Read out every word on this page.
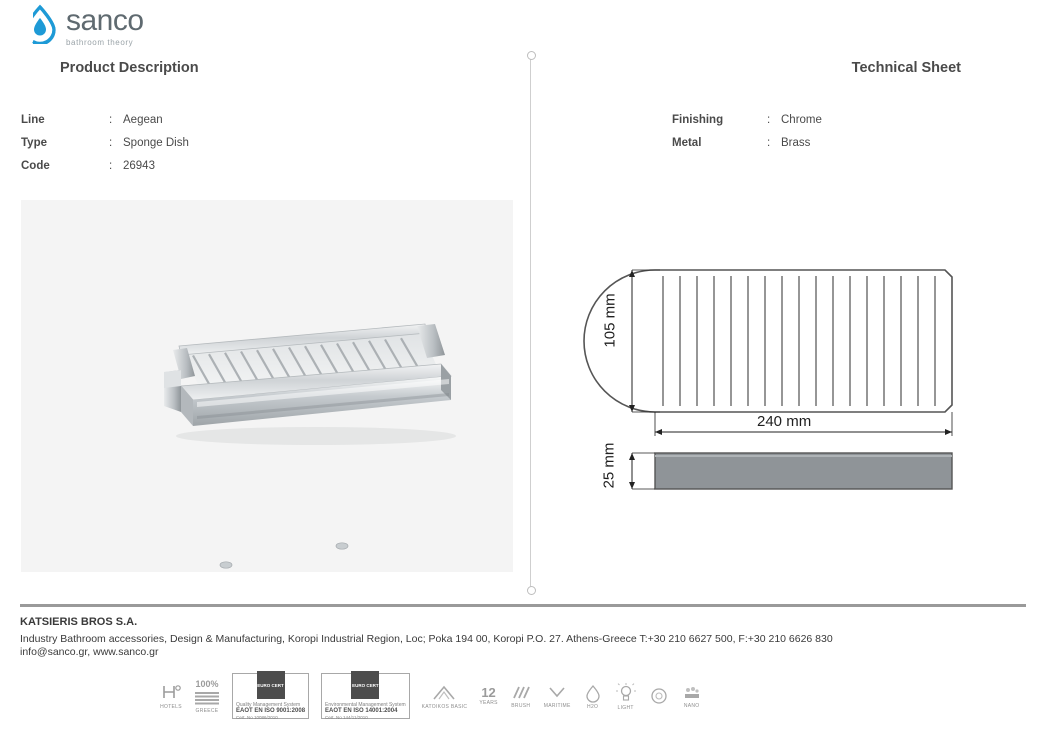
sanco
bathroom theory
Product Description	Technical Sheet
Line	: Aegean
Type	: Sponge Dish
Code	: 26943
Finishing	: Chrome
Metal	: Brass
105 mm
240 mm
25 mm
KATSIERIS BROS S.A.
Industry Bathroom accessories, Design & Manufacturing, Koropi Industrial Region, Loc; Poka 194 00, Koropi P.O. 27. Athens-Greece T:+30 210 6627 500, F:+30 210 6626 830
info@sanco.gr, www.sanco.gr
HOTELS
100%
GREECE
EURO CERT
Quality Management System
EAOT EN ISO 9001:2008
Cert. No 10086/2010
EURO CERT
Environmental Management System
EAOT EN ISO 14001:2004
Cert. No 144/11/2010
KATOIKOS BASIC
12
YEARS	BRUSH	MARITIME	H2O	LIGHT	NANO
